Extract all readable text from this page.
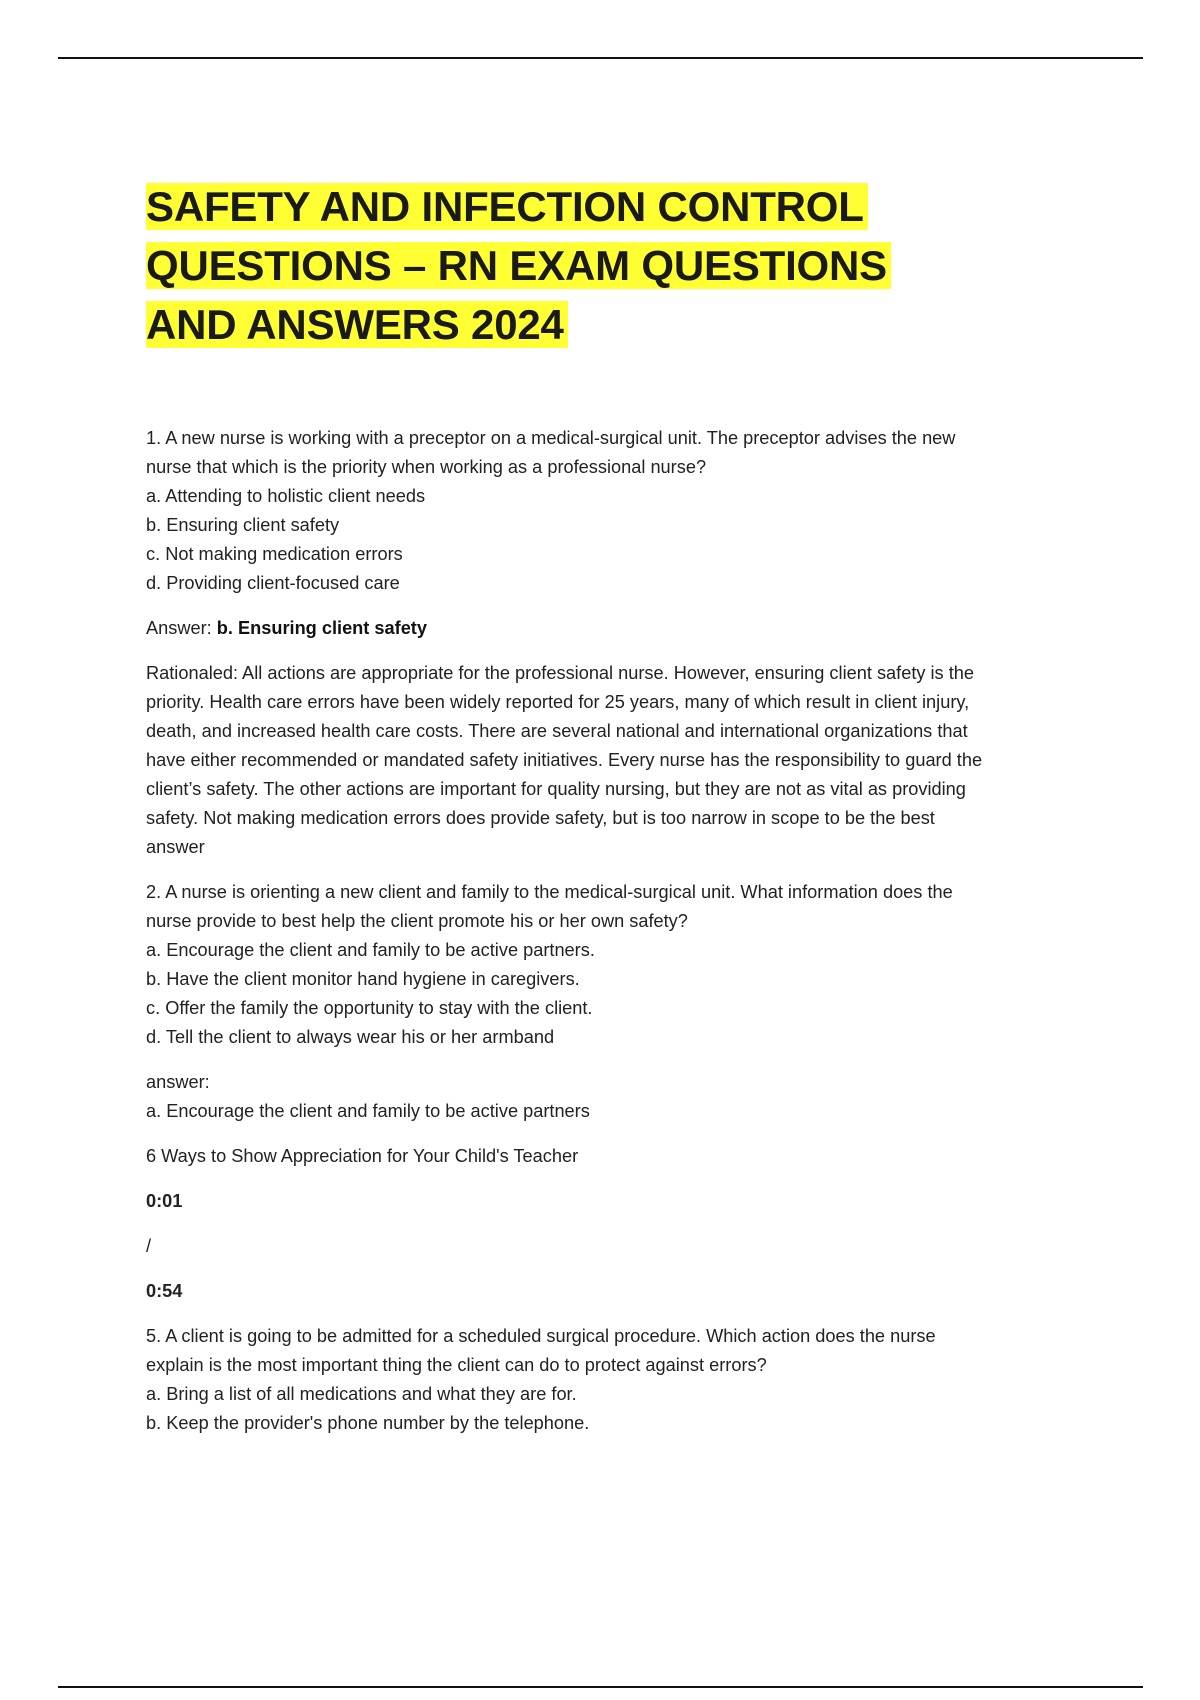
SAFETY AND INFECTION CONTROL
QUESTIONS – RN EXAM QUESTIONS
AND ANSWERS 2024

1. A new nurse is working with a preceptor on a medical-surgical unit. The preceptor advises the new

nurse that which is the priority when working as a professional nurse?

a. Attending to holistic client needs

b. Ensuring client safety

c. Not making medication errors

d. Providing client-focused care

Answer: b. Ensuring client safety

Rationaled: All actions are appropriate for the professional nurse. However, ensuring client safety is the

priority. Health care errors have been widely reported for 25 years, many of which result in client injury,

death, and increased health care costs. There are several national and international organizations that

have either recommended or mandated safety initiatives. Every nurse has the responsibility to guard the

client’s safety. The other actions are important for quality nursing, but they are not as vital as providing

safety. Not making medication errors does provide safety, but is too narrow in scope to be the best

answer

2. A nurse is orienting a new client and family to the medical-surgical unit. What information does the

nurse provide to best help the client promote his or her own safety?

a. Encourage the client and family to be active partners.

b. Have the client monitor hand hygiene in caregivers.

c. Offer the family the opportunity to stay with the client.

d. Tell the client to always wear his or her armband

answer:

a. Encourage the client and family to be active partners

6 Ways to Show Appreciation for Your Child's Teacher

0:01

/

0:54

5. A client is going to be admitted for a scheduled surgical procedure. Which action does the nurse

explain is the most important thing the client can do to protect against errors?

a. Bring a list of all medications and what they are for.

b. Keep the provider's phone number by the telephone.
